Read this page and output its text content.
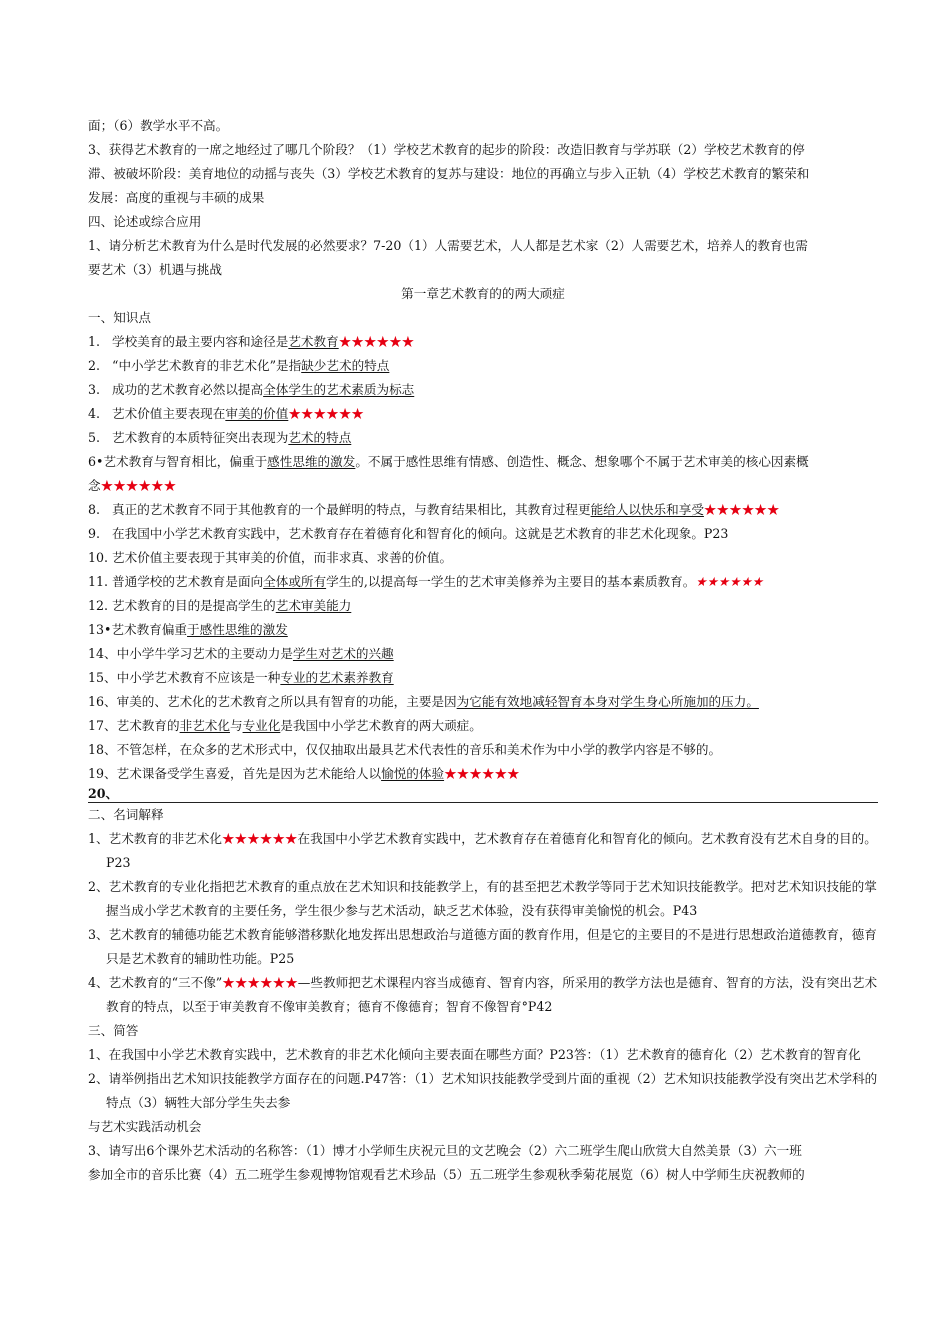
面；（6）教学水平不高。
3、获得艺术教育的一席之地经过了哪几个阶段？（1）学校艺术教育的起步的阶段：改造旧教育与学苏联（2）学校艺术教育的停
滞、被破坏阶段：美育地位的动摇与丧失（3）学校艺术教育的复苏与建设：地位的再确立与步入正轨（4）学校艺术教育的繁荣和
发展：高度的重视与丰硕的成果
四、论述或综合应用
1、请分析艺术教育为什么是时代发展的必然要求？7-20（1）人需要艺术，人人都是艺术家（2）人需要艺术，培养人的教育也需
要艺术（3）机遇与挑战
第一章艺术教育的的两大顽症
一、知识点
1. 学校美育的最主要内容和途径是艺术教育★★★★★★
2. “中小学艺术教育的非艺术化”是指缺少艺术的特点
3. 成功的艺术教育必然以提高全体学生的艺术素质为标志
4. 艺术价值主要表现在审美的价值★★★★★★
5. 艺术教育的本质特征突出表现为艺术的特点
6•艺术教育与智育相比，偏重于感性思维的激发。不属于感性思维有情感、创造性、概念、想象哪个不属于艺术审美的核心因素概
念★★★★★★
8. 真正的艺术教育不同于其他教育的一个最鲜明的特点，与教育结果相比，其教育过程更能给人以快乐和享受★★★★★★
9. 在我国中小学艺术教育实践中，艺术教育存在着德育化和智育化的倾向。这就是艺术教育的非艺术化现象。P23
10. 艺术价值主要表现于其审美的价值，而非求真、求善的价值。
11. 普通学校的艺术教育是面向全体或所有学生的,以提高每一学生的艺术审美修养为主要目的基本素质教育。★★★★★★
12. 艺术教育的目的是提高学生的艺术审美能力
13•艺术教育偏重于感性思维的激发
14、中小学牛学习艺术的主要动力是学生对艺术的兴趣
15、中小学艺术教育不应该是一种专业的艺术素养教育
16、审美的、艺术化的艺术教育之所以具有智育的功能，主要是因为它能有效地减轻智育本身对学生身心所施加的压力。
17、艺术教育的非艺术化与专业化是我国中小学艺术教育的两大顽症。
18、不管怎样，在众多的艺术形式中，仅仅抽取出最具艺术代表性的音乐和美术作为中小学的教学内容是不够的。
19、艺术课备受学生喜爱，首先是因为艺术能给人以愉悦的体验★★★★★★
20、
二、名词解释
1、艺术教育的非艺术化★★★★★★在我国中小学艺术教育实践中，艺术教育存在着德育化和智育化的倾向。艺术教育没有艺术自身的目的。P23
2、艺术教育的专业化指把艺术教育的重点放在艺术知识和技能教学上，有的甚至把艺术教学等同于艺术知识技能教学。把对艺术知识技能的掌握当成小学艺术教育的主要任务，学生很少参与艺术活动，缺乏艺术体验，没有获得审美愉悦的机会。P43
3、艺术教育的辅德功能艺术教育能够潜移默化地发挥出思想政治与道德方面的教育作用，但是它的主要目的不是进行思想政治道德教育，德育只是艺术教育的辅助性功能。P25
4、艺术教育的“三不像”★★★★★★—些教师把艺术课程内容当成德育、智育内容，所采用的教学方法也是德育、智育的方法，没有突出艺术教育的特点，以至于审美教育不像审美教育；德育不像德育；智育不像智育°P42
三、简答
1、在我国中小学艺术教育实践中，艺术教育的非艺术化倾向主要表面在哪些方面？P23答：（1）艺术教育的德育化（2）艺术教育的智育化
2、请举例指出艺术知识技能教学方面存在的问题.P47答：（1）艺术知识技能教学受到片面的重视（2）艺术知识技能教学没有突出艺术学科的特点（3）辆牲大部分学生失去参
与艺术实践活动机会
3、请写出6个课外艺术活动的名称答：（1）博才小学师生庆祝元旦的文艺晚会（2）六二班学生爬山欣赏大自然美景（3）六一班
参加全市的音乐比赛（4）五二班学生参观博物馆观看艺术珍品（5）五二班学生参观秋季菊花展览（6）树人中学师生庆祝教师的
